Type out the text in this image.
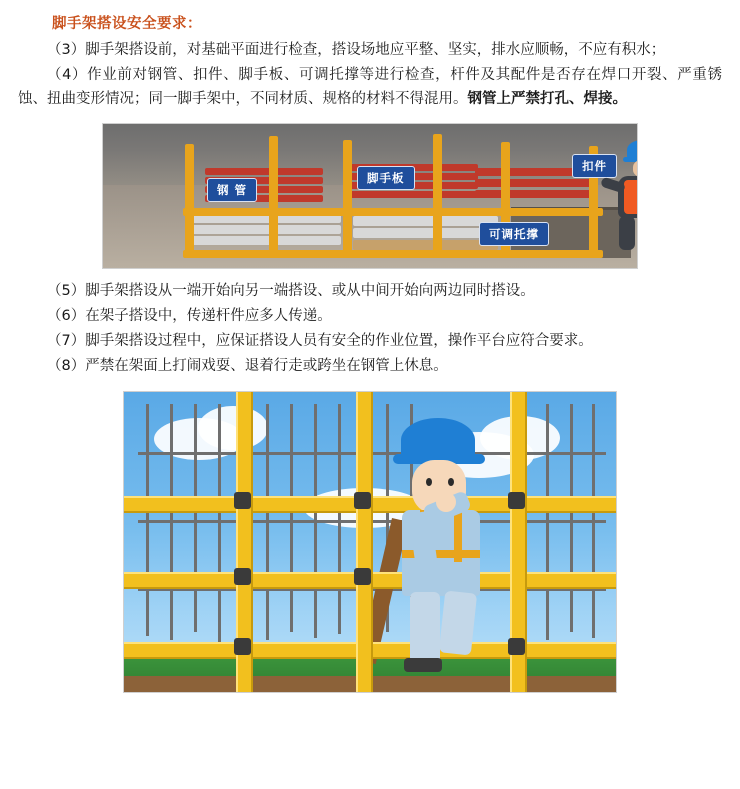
脚手架搭设安全要求：

（3）脚手架搭设前，对基础平面进行检查，搭设场地应平整、坚实，排水应顺畅，不应有积水；

（4）作业前对钢管、扣件、脚手板、可调托撑等进行检查，杆件及其配件是否存在焊口开裂、严重锈蚀、扭曲变形情况；同一脚手架中，不同材质、规格的材料不得混用。钢管上严禁打孔、焊接。

钢 管
脚手板
扣件
可调托撑

（5）脚手架搭设从一端开始向另一端搭设、或从中间开始向两边同时搭设。

（6）在架子搭设中，传递杆件应多人传递。

（7）脚手架搭设过程中，应保证搭设人员有安全的作业位置，操作平台应符合要求。

（8）严禁在架面上打闹戏耍、退着行走或跨坐在钢管上休息。
